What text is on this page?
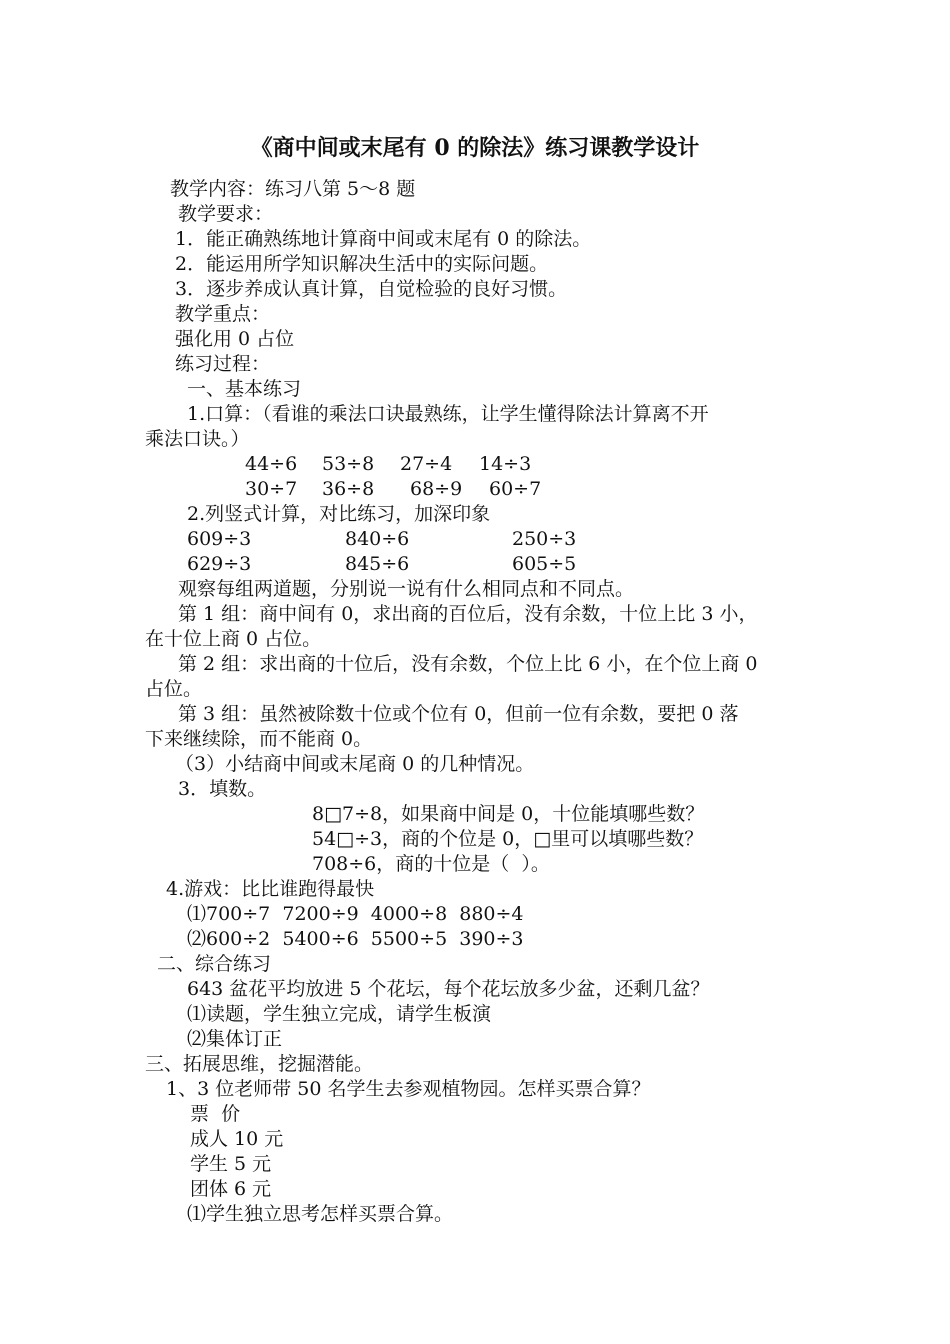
《商中间或末尾有 0 的除法》练习课教学设计
教学内容：练习八第 5～8 题
教学要求：
1．能正确熟练地计算商中间或末尾有 0 的除法。
2．能运用所学知识解决生活中的实际问题。
3．逐步养成认真计算，自觉检验的良好习惯。
教学重点：
强化用 0 占位
练习过程：
一、基本练习
1.口算：（看谁的乘法口诀最熟练，让学生懂得除法计算离不开
乘法口诀。）
44÷6 53÷8 27÷4 14÷3
30÷7 36÷8 68÷9 60÷7
2.列竖式计算，对比练习，加深印象
609÷3	840÷6	250÷3
629÷3	845÷6	605÷5
观察每组两道题，分别说一说有什么相同点和不同点。
第 1 组：商中间有 0，求出商的百位后，没有余数，十位上比 3 小，
在十位上商 0 占位。
第 2 组：求出商的十位后，没有余数，个位上比 6 小，在个位上商 0
占位。
第 3 组：虽然被除数十位或个位有 0，但前一位有余数，要把 0 落
下来继续除，而不能商 0。
（3）小结商中间或末尾商 0 的几种情况。
3．填数。
8□7÷8，如果商中间是 0，十位能填哪些数？
54□÷3，商的个位是 0，□里可以填哪些数？
708÷6，商的十位是（  ）。
4.游戏：比比谁跑得最快
⑴700÷7  7200÷9  4000÷8  880÷4
⑵600÷2  5400÷6  5500÷5  390÷3
二、综合练习
643 盆花平均放进 5 个花坛，每个花坛放多少盆，还剩几盆？
⑴读题，学生独立完成，请学生板演
⑵集体订正
三、拓展思维，挖掘潜能。
1、3 位老师带 50 名学生去参观植物园。怎样买票合算？
票  价
成人 10 元
学生 5 元
团体 6 元
⑴学生独立思考怎样买票合算。
